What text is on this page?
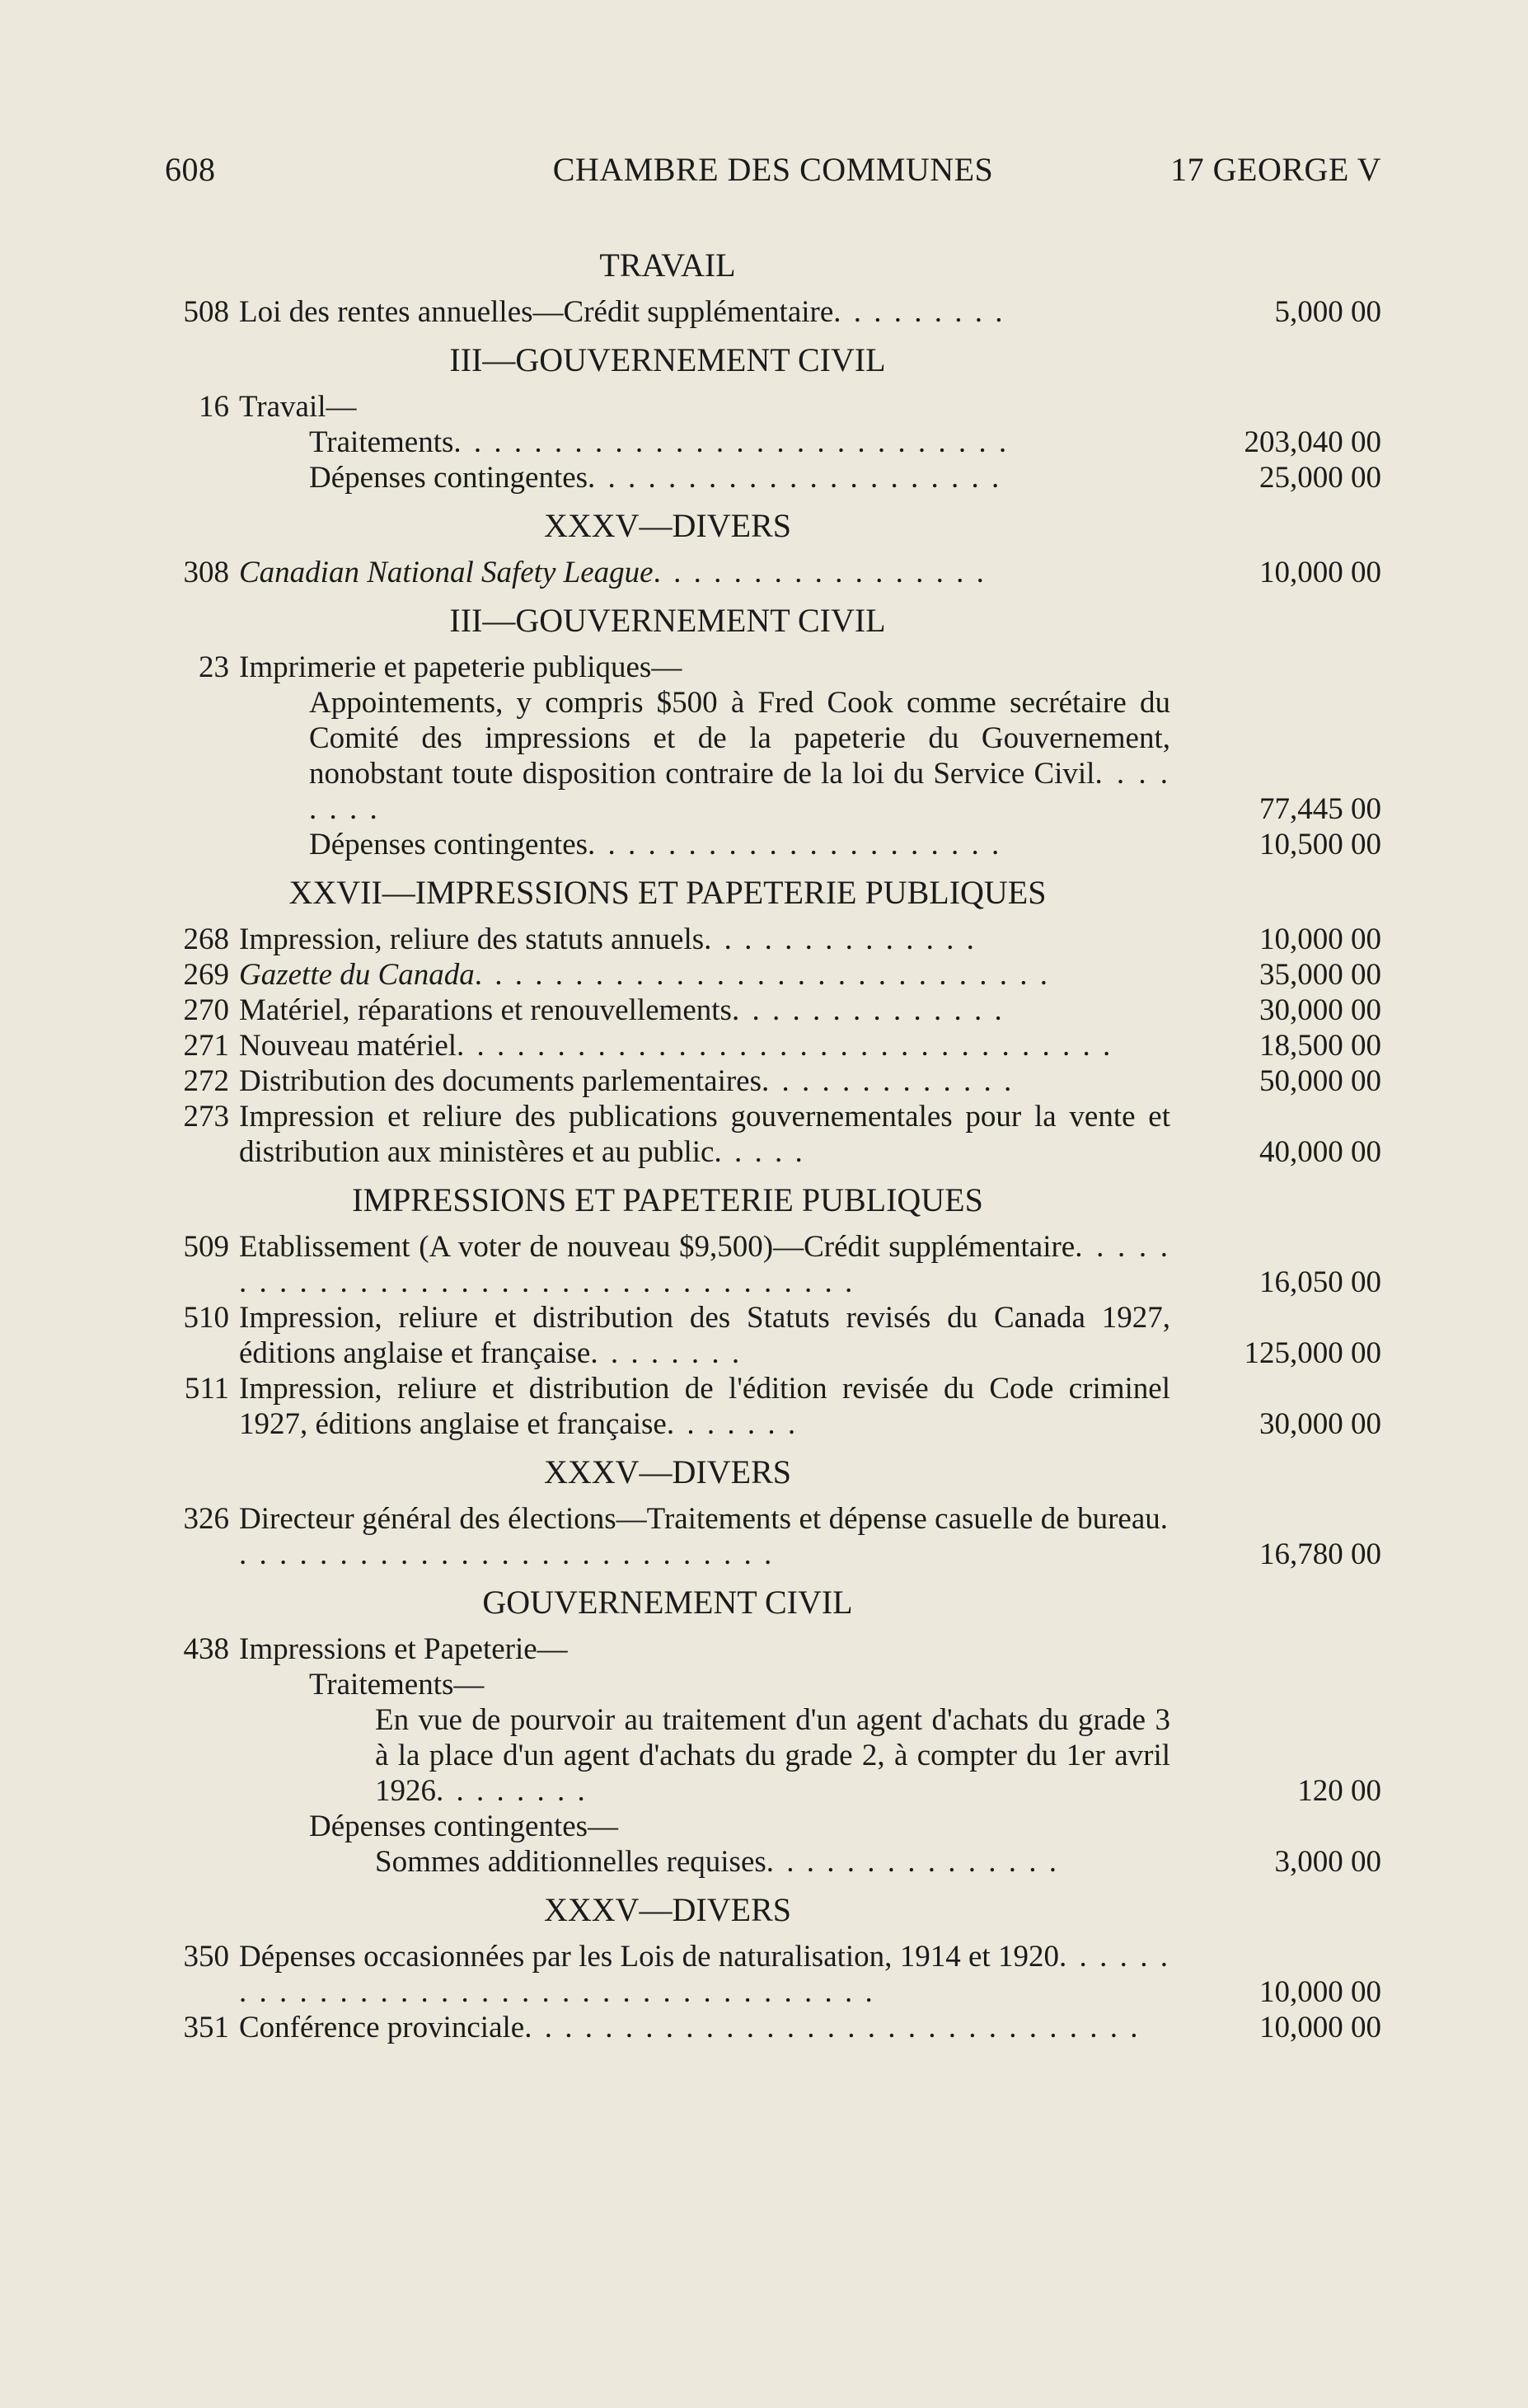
608	CHAMBRE DES COMMUNES	17 GEORGE V
TRAVAIL
508 Loi des rentes annuelles—Crédit supplémentaire. . . . . . . . .	5,000 00
III—GOUVERNEMENT CIVIL
16 Travail—
Traitements. . . . . . . . . . . . . . . . . . . . . . . . . . . .	203,040 00
Dépenses contingentes. . . . . . . . . . . . . . . . . . . . .	25,000 00
XXXV—DIVERS
308 Canadian National Safety League. . . . . . . . . . . . . . . . .	10,000 00
III—GOUVERNEMENT CIVIL
23 Imprimerie et papeterie publiques—
Appointements, y compris $500 à Fred Cook comme secrétaire du Comité des impressions et de la papeterie du Gouvernement, nonobstant toute disposition contraire de la loi du Service Civil. . . . . . . .	77,445 00
Dépenses contingentes. . . . . . . . . . . . . . . . . . . . .	10,500 00
XXVII—IMPRESSIONS ET PAPETERIE PUBLIQUES
268 Impression, reliure des statuts annuels. . . . . . . . . . . . . .	10,000 00
269 Gazette du Canada. . . . . . . . . . . . . . . . . . . . . . . . . . . . .	35,000 00
270 Matériel, réparations et renouvellements. . . . . . . . . . . . . .	30,000 00
271 Nouveau matériel. . . . . . . . . . . . . . . . . . . . . . . . . . . . . . . . .	18,500 00
272 Distribution des documents parlementaires. . . . . . . . . . . . .	50,000 00
273 Impression et reliure des publications gouvernementales pour la vente et distribution aux ministères et au public. . . . .	40,000 00
IMPRESSIONS ET PAPETERIE PUBLIQUES
509 Etablissement (A voter de nouveau $9,500)—Crédit supplémentaire. . . . . . . . . . . . . . . . . . . . . . . . . . . . . . . . . . . .	16,050 00
510 Impression, reliure et distribution des Statuts revisés du Canada 1927, éditions anglaise et française. . . . . . . .	125,000 00
511 Impression, reliure et distribution de l'édition revisée du Code criminel 1927, éditions anglaise et française. . . . . . .	30,000 00
XXXV—DIVERS
326 Directeur général des élections—Traitements et dépense casuelle de bureau. . . . . . . . . . . . . . . . . . . . . . . . . . . .	16,780 00
GOUVERNEMENT CIVIL
438 Impressions et Papeterie—
Traitements—
En vue de pourvoir au traitement d'un agent d'achats du grade 3 à la place d'un agent d'achats du grade 2, à compter du 1er avril 1926. . . . . . . .	120 00
Dépenses contingentes—
Sommes additionnelles requises. . . . . . . . . . . . . . .	3,000 00
XXXV—DIVERS
350 Dépenses occasionnées par les Lois de naturalisation, 1914 et 1920. . . . . . . . . . . . . . . . . . . . . . . . . . . . . . . . . . . . . .	10,000 00
351 Conférence provinciale. . . . . . . . . . . . . . . . . . . . . . . . . . . . . . .	10,000 00
